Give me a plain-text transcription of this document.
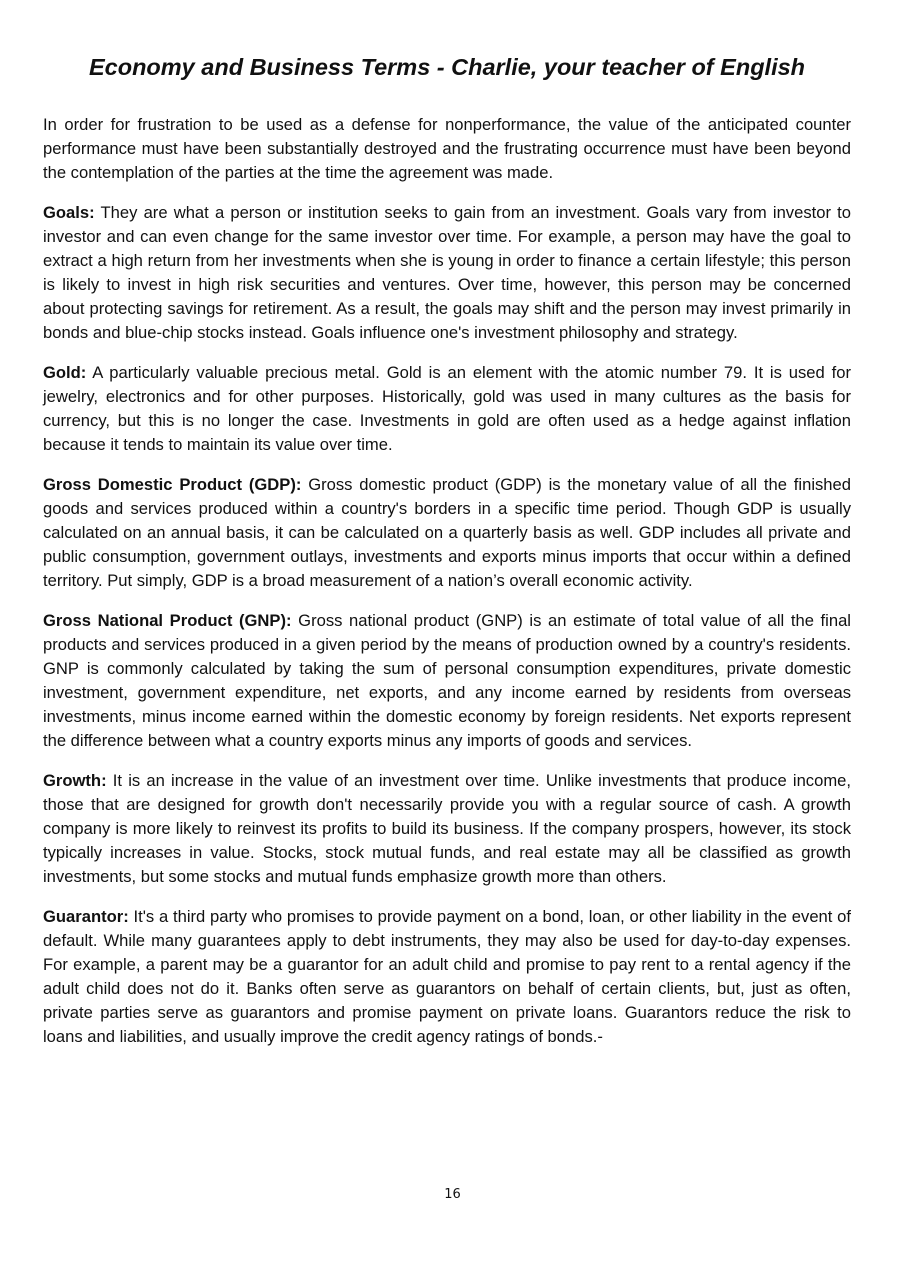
Economy and Business Terms - Charlie, your teacher of English

In order for frustration to be used as a defense for nonperformance, the value of the anticipated counter performance must have been substantially destroyed and the frustrating occurrence must have been beyond the contemplation of the parties at the time the agreement was made.

Goals: They are what a person or institution seeks to gain from an investment. Goals vary from investor to investor and can even change for the same investor over time. For example, a person may have the goal to extract a high return from her investments when she is young in order to finance a certain lifestyle; this person is likely to invest in high risk securities and ventures. Over time, however, this person may be concerned about protecting savings for retirement. As a result, the goals may shift and the person may invest primarily in bonds and blue-chip stocks instead. Goals influence one's investment philosophy and strategy.

Gold: A particularly valuable precious metal. Gold is an element with the atomic number 79. It is used for jewelry, electronics and for other purposes. Historically, gold was used in many cultures as the basis for currency, but this is no longer the case. Investments in gold are often used as a hedge against inflation because it tends to maintain its value over time.

Gross Domestic Product (GDP): Gross domestic product (GDP) is the monetary value of all the finished goods and services produced within a country's borders in a specific time period. Though GDP is usually calculated on an annual basis, it can be calculated on a quarterly basis as well. GDP includes all private and public consumption, government outlays, investments and exports minus imports that occur within a defined territory. Put simply, GDP is a broad measurement of a nation’s overall economic activity.

Gross National Product (GNP): Gross national product (GNP) is an estimate of total value of all the final products and services produced in a given period by the means of production owned by a country's residents. GNP is commonly calculated by taking the sum of personal consumption expenditures, private domestic investment, government expenditure, net exports, and any income earned by residents from overseas investments, minus income earned within the domestic economy by foreign residents. Net exports represent the difference between what a country exports minus any imports of goods and services.

Growth: It is an increase in the value of an investment over time. Unlike investments that produce income, those that are designed for growth don't necessarily provide you with a regular source of cash. A growth company is more likely to reinvest its profits to build its business. If the company prospers, however, its stock typically increases in value. Stocks, stock mutual funds, and real estate may all be classified as growth investments, but some stocks and mutual funds emphasize growth more than others.

Guarantor: It's a third party who promises to provide payment on a bond, loan, or other liability in the event of default. While many guarantees apply to debt instruments, they may also be used for day-to-day expenses. For example, a parent may be a guarantor for an adult child and promise to pay rent to a rental agency if the adult child does not do it. Banks often serve as guarantors on behalf of certain clients, but, just as often, private parties serve as guarantors and promise payment on private loans. Guarantors reduce the risk to loans and liabilities, and usually improve the credit agency ratings of bonds.-

16
